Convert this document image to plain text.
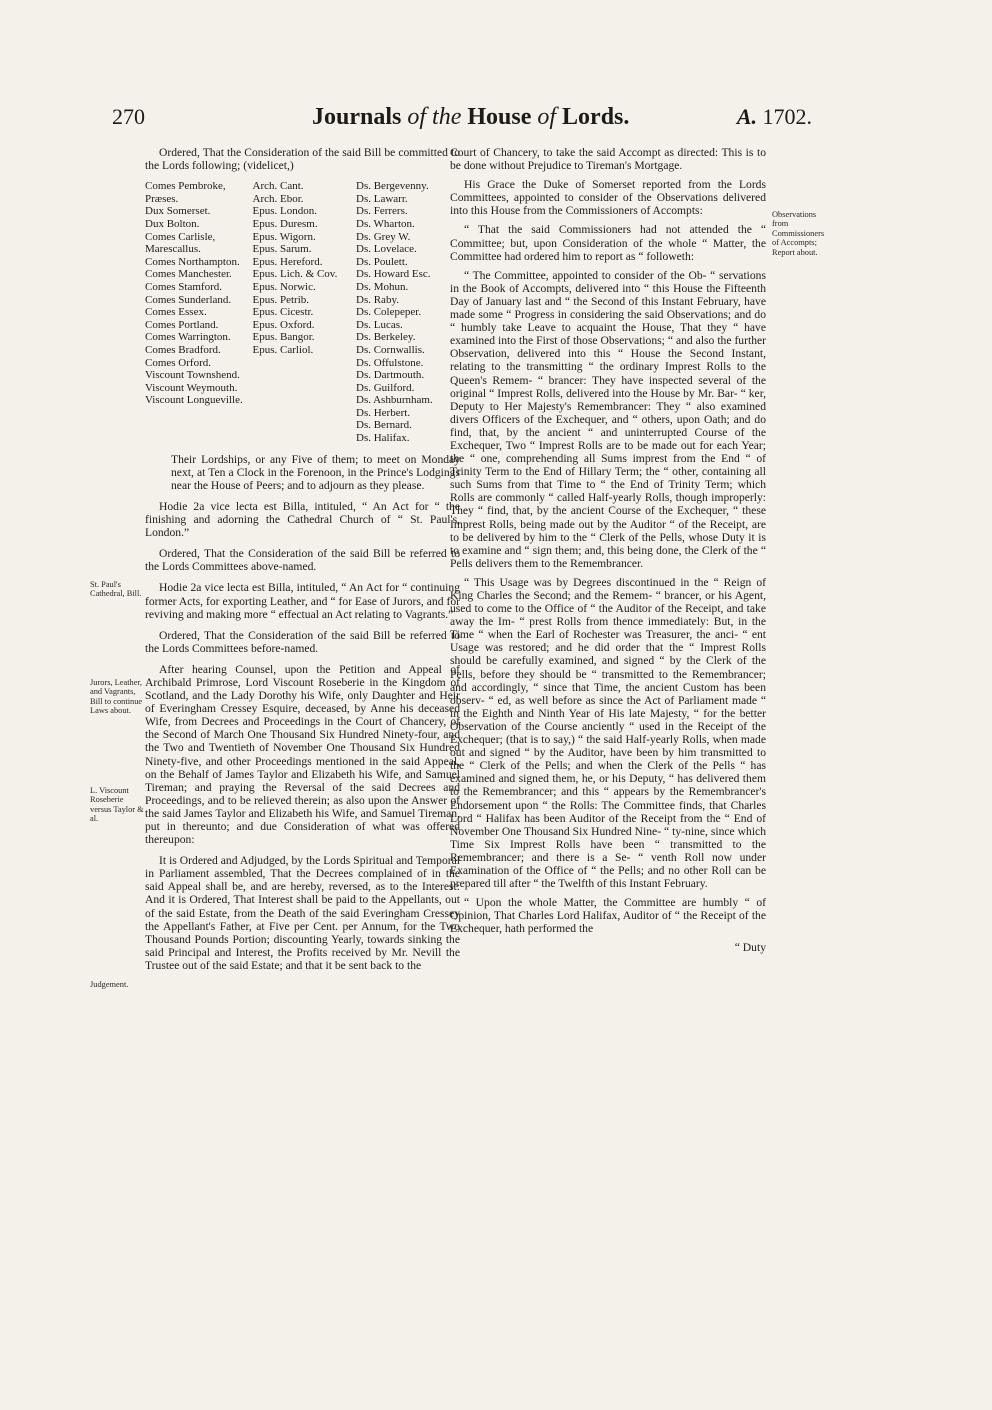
270	Journals of the House of Lords.	A. 1702.

Ordered, That the Consideration of the said Bill be committed to the Lords following; (videlicet,)

Comes Pembroke,
Præses.
Dux Somerset.
Dux Bolton.
Comes Carlisle,
Marescallus.
Comes Northampton.
Comes Manchester.
Comes Stamford.
Comes Sunderland.
Comes Essex.
Comes Portland.
Comes Warrington.
Comes Bradford.
Comes Orford.
Viscount Townshend.
Viscount Weymouth.
Viscount Longueville.
Arch. Cant.
Arch. Ebor.
Epus. London.
Epus. Duresm.
Epus. Wigorn.
Epus. Sarum.
Epus. Hereford.
Epus. Lich. & Cov.
Epus. Norwic.
Epus. Petrib.
Epus. Cicestr.
Epus. Oxford.
Epus. Bangor.
Epus. Carliol.
Ds. Bergevenny.
Ds. Lawarr.
Ds. Ferrers.
Ds. Wharton.
Ds. Grey W.
Ds. Lovelace.
Ds. Poulett.
Ds. Howard Esc.
Ds. Mohun.
Ds. Raby.
Ds. Colepeper.
Ds. Lucas.
Ds. Berkeley.
Ds. Cornwallis.
Ds. Offulstone.
Ds. Dartmouth.
Ds. Guilford.
Ds. Ashburnham.
Ds. Herbert.
Ds. Bernard.
Ds. Halifax.

Their Lordships, or any Five of them; to meet on Monday next, at Ten a Clock in the Forenoon, in the Prince's Lodgings near the House of Peers; and to adjourn as they please.

Hodie 2a vice lecta est Billa, intituled, “ An Act for “ the finishing and adorning the Cathedral Church of “ St. Paul's, London.”

Ordered, That the Consideration of the said Bill be referred to the Lords Committees above-named.

Hodie 2a vice lecta est Billa, intituled, “ An Act for “ continuing former Acts, for exporting Leather, and “ for Ease of Jurors, and for reviving and making more “ effectual an Act relating to Vagrants.”

Ordered, That the Consideration of the said Bill be referred to the Lords Committees before-named.

After hearing Counsel, upon the Petition and Appeal of Archibald Primrose, Lord Viscount Roseberie in the Kingdom of Scotland, and the Lady Dorothy his Wife, only Daughter and Heir of Everingham Cressey Esquire, deceased, by Anne his deceased Wife, from Decrees and Proceedings in the Court of Chancery, of the Second of March One Thousand Six Hundred Ninety-four, and the Two and Twentieth of November One Thousand Six Hundred Ninety-five, and other Proceedings mentioned in the said Appeal, on the Behalf of James Taylor and Elizabeth his Wife, and Samuel Tireman; and praying the Reversal of the said Decrees and Proceedings, and to be relieved therein; as also upon the Answer of the said James Taylor and Elizabeth his Wife, and Samuel Tireman, put in thereunto; and due Consideration of what was offered thereupon:

It is Ordered and Adjudged, by the Lords Spiritual and Temporal in Parliament assembled, That the Decrees complained of in the said Appeal shall be, and are hereby, reversed, as to the Interest: And it is Ordered, That Interest shall be paid to the Appellants, out of the said Estate, from the Death of the said Everingham Cressey the Appellant's Father, at Five per Cent. per Annum, for the Two Thousand Pounds Portion; discounting Yearly, towards sinking the said Principal and Interest, the Profits received by Mr. Nevill the Trustee out of the said Estate; and that it be sent back to the

Court of Chancery, to take the said Accompt as directed: This is to be done without Prejudice to Tireman's Mortgage.

His Grace the Duke of Somerset reported from the Lords Committees, appointed to consider of the Observations delivered into this House from the Commissioners of Accompts:

“ That the said Commissioners had not attended the “ Committee; but, upon Consideration of the whole “ Matter, the Committee had ordered him to report as “ followeth:

“ The Committee, appointed to consider of the Ob- “ servations in the Book of Accompts, delivered into “ this House the Fifteenth Day of January last and “ the Second of this Instant February, have made some “ Progress in considering the said Observations; and do “ humbly take Leave to acquaint the House, That they “ have examined into the First of those Observations; “ and also the further Observation, delivered into this “ House the Second Instant, relating to the transmitting “ the ordinary Imprest Rolls to the Queen's Remem- “ brancer: They have inspected several of the original “ Imprest Rolls, delivered into the House by Mr. Bar- “ ker, Deputy to Her Majesty's Remembrancer: They “ also examined divers Officers of the Exchequer, and “ others, upon Oath; and do find, that, by the ancient “ and uninterrupted Course of the Exchequer, Two “ Imprest Rolls are to be made out for each Year; the “ one, comprehending all Sums imprest from the End “ of Trinity Term to the End of Hillary Term; the “ other, containing all such Sums from that Time to “ the End of Trinity Term; which Rolls are commonly “ called Half-yearly Rolls, though improperly: They “ find, that, by the ancient Course of the Exchequer, “ these Imprest Rolls, being made out by the Auditor “ of the Receipt, are to be delivered by him to the “ Clerk of the Pells, whose Duty it is to examine and “ sign them; and, this being done, the Clerk of the “ Pells delivers them to the Remembrancer.

“ This Usage was by Degrees discontinued in the “ Reign of King Charles the Second; and the Remem- “ brancer, or his Agent, used to come to the Office of “ the Auditor of the Receipt, and take away the Im- “ prest Rolls from thence immediately: But, in the Time “ when the Earl of Rochester was Treasurer, the anci- “ ent Usage was restored; and he did order that the “ Imprest Rolls should be carefully examined, and signed “ by the Clerk of the Pells, before they should be “ transmitted to the Remembrancer; and accordingly, “ since that Time, the ancient Custom has been observ- “ ed, as well before as since the Act of Parliament made “ in the Eighth and Ninth Year of His late Majesty, “ for the better Observation of the Course anciently “ used in the Receipt of the Exchequer; (that is to say,) “ the said Half-yearly Rolls, when made out and signed “ by the Auditor, have been by him transmitted to the “ Clerk of the Pells; and when the Clerk of the Pells “ has examined and signed them, he, or his Deputy, “ has delivered them to the Remembrancer; and this “ appears by the Remembrancer's Endorsement upon “ the Rolls: The Committee finds, that Charles Lord “ Halifax has been Auditor of the Receipt from the “ End of November One Thousand Six Hundred Nine- “ ty-nine, since which Time Six Imprest Rolls have been “ transmitted to the Remembrancer; and there is a Se- “ venth Roll now under Examination of the Office of “ the Pells; and no other Roll can be prepared till after “ the Twelfth of this Instant February.

“ Upon the whole Matter, the Committee are humbly “ of Opinion, That Charles Lord Halifax, Auditor of “ the Receipt of the Exchequer, hath performed the

“ Duty

St. Paul's Cathedral, Bill.
Jurors, Leather, and Vagrants, Bill to continue Laws about.
L. Viscount Roseberie versus Taylor & al.
Judgement.
Observations from Commissioners of Accompts; Report about.
